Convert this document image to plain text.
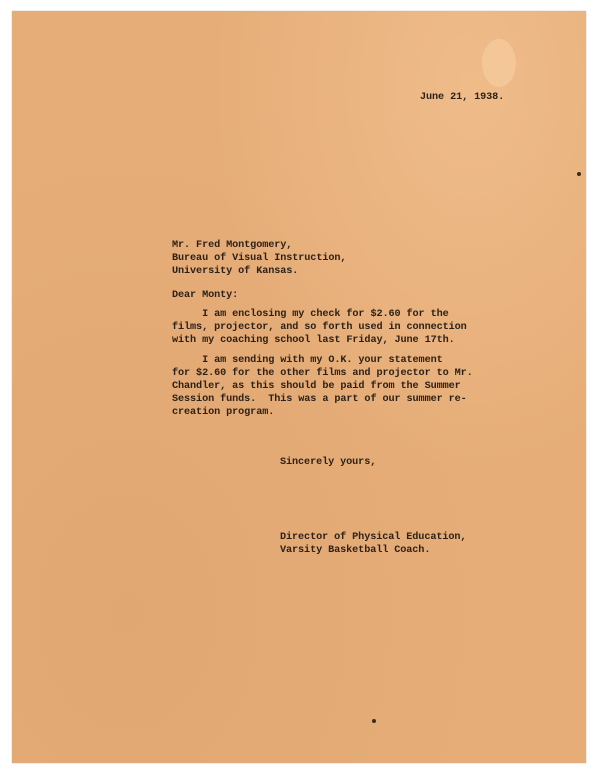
June 21, 1938.
Mr. Fred Montgomery,
Bureau of Visual Instruction,
University of Kansas.
Dear Monty:
I am enclosing my check for $2.60 for the
films, projector, and so forth used in connection
with my coaching school last Friday, June 17th.
I am sending with my O.K. your statement
for $2.60 for the other films and projector to Mr.
Chandler, as this should be paid from the Summer
Session funds.  This was a part of our summer re-
creation program.
Sincerely yours,
Director of Physical Education,
Varsity Basketball Coach.
